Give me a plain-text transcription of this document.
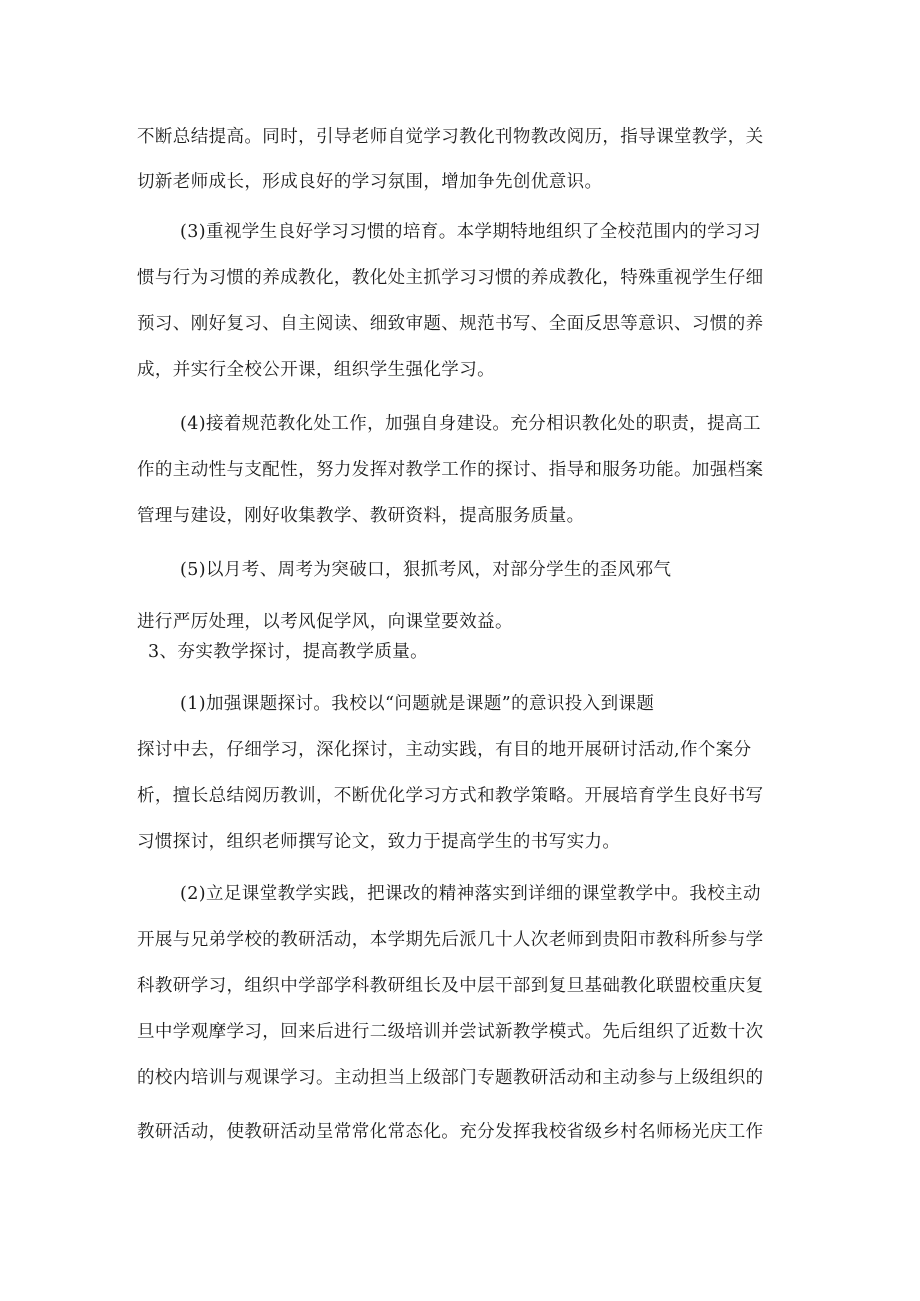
不断总结提高。同时，引导老师自觉学习教化刊物教改阅历，指导课堂教学，关
切新老师成长，形成良好的学习氛围，增加争先创优意识。
(3)重视学生良好学习习惯的培育。本学期特地组织了全校范围内的学习习
惯与行为习惯的养成教化，教化处主抓学习习惯的养成教化，特殊重视学生仔细
预习、刚好复习、自主阅读、细致审题、规范书写、全面反思等意识、习惯的养
成，并实行全校公开课，组织学生强化学习。
(4)接着规范教化处工作，加强自身建设。充分相识教化处的职责，提高工
作的主动性与支配性，努力发挥对教学工作的探讨、指导和服务功能。加强档案
管理与建设，刚好收集教学、教研资料，提高服务质量。
(5)以月考、周考为突破口，狠抓考风，对部分学生的歪风邪气
进行严厉处理，以考风促学风，向课堂要效益。
3、夯实教学探讨，提高教学质量。
(1)加强课题探讨。我校以“问题就是课题”的意识投入到课题
探讨中去，仔细学习，深化探讨，主动实践，有目的地开展研讨活动,作个案分
析，擅长总结阅历教训，不断优化学习方式和教学策略。开展培育学生良好书写
习惯探讨，组织老师撰写论文，致力于提高学生的书写实力。
(2)立足课堂教学实践，把课改的精神落实到详细的课堂教学中。我校主动
开展与兄弟学校的教研活动，本学期先后派几十人次老师到贵阳市教科所参与学
科教研学习，组织中学部学科教研组长及中层干部到复旦基础教化联盟校重庆复
旦中学观摩学习，回来后进行二级培训并尝试新教学模式。先后组织了近数十次
的校内培训与观课学习。主动担当上级部门专题教研活动和主动参与上级组织的
教研活动，使教研活动呈常常化常态化。充分发挥我校省级乡村名师杨光庆工作
